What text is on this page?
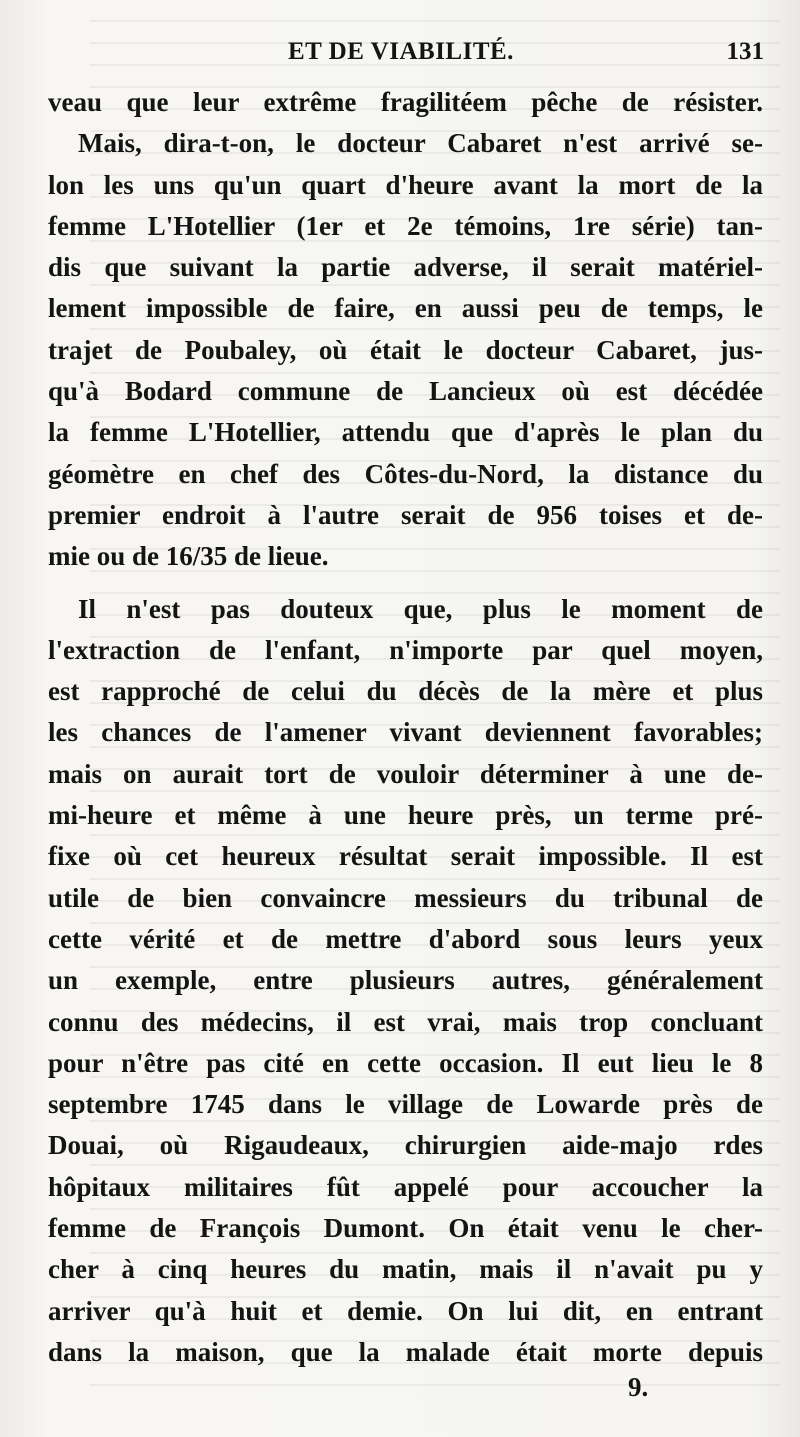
ET DE VIABILITÉ.	131
veau que leur extrême fragilitéem pêche de résister.
Mais, dira-t-on, le docteur Cabaret n'est arrivé se-
lon les uns qu'un quart d'heure avant la mort de la
femme L'Hotellier (1er et 2e témoins, 1re série) tan-
dis que suivant la partie adverse, il serait matériel-
lement impossible de faire, en aussi peu de temps, le
trajet de Poubaley, où était le docteur Cabaret, jus-
qu'à Bodard commune de Lancieux où est décédée
la femme L'Hotellier, attendu que d'après le plan du
géomètre en chef des Côtes-du-Nord, la distance du
premier endroit à l'autre serait de 956 toises et de-
mie ou de 16/35 de lieue.
Il n'est pas douteux que, plus le moment de
l'extraction de l'enfant, n'importe par quel moyen,
est rapproché de celui du décès de la mère et plus
les chances de l'amener vivant deviennent favorables;
mais on aurait tort de vouloir déterminer à une de-
mi-heure et même à une heure près, un terme pré-
fixe où cet heureux résultat serait impossible. Il est
utile de bien convaincre messieurs du tribunal de
cette vérité et de mettre d'abord sous leurs yeux
un exemple, entre plusieurs autres, généralement
connu des médecins, il est vrai, mais trop concluant
pour n'être pas cité en cette occasion. Il eut lieu le 8
septembre 1745 dans le village de Lowarde près de
Douai, où Rigaudeaux, chirurgien aide-majo rdes
hôpitaux militaires fût appelé pour accoucher la
femme de François Dumont. On était venu le cher-
cher à cinq heures du matin, mais il n'avait pu y
arriver qu'à huit et demie. On lui dit, en entrant
dans la maison, que la malade était morte depuis
9.
